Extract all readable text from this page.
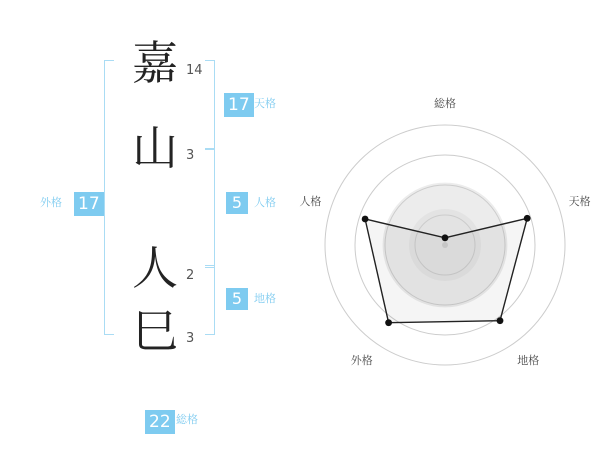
嘉 14
山 3
人 2
巳 3
17
外格
17 天格
5	人格
5	地格
22 総格
総格
天格
地格
外格
人格
